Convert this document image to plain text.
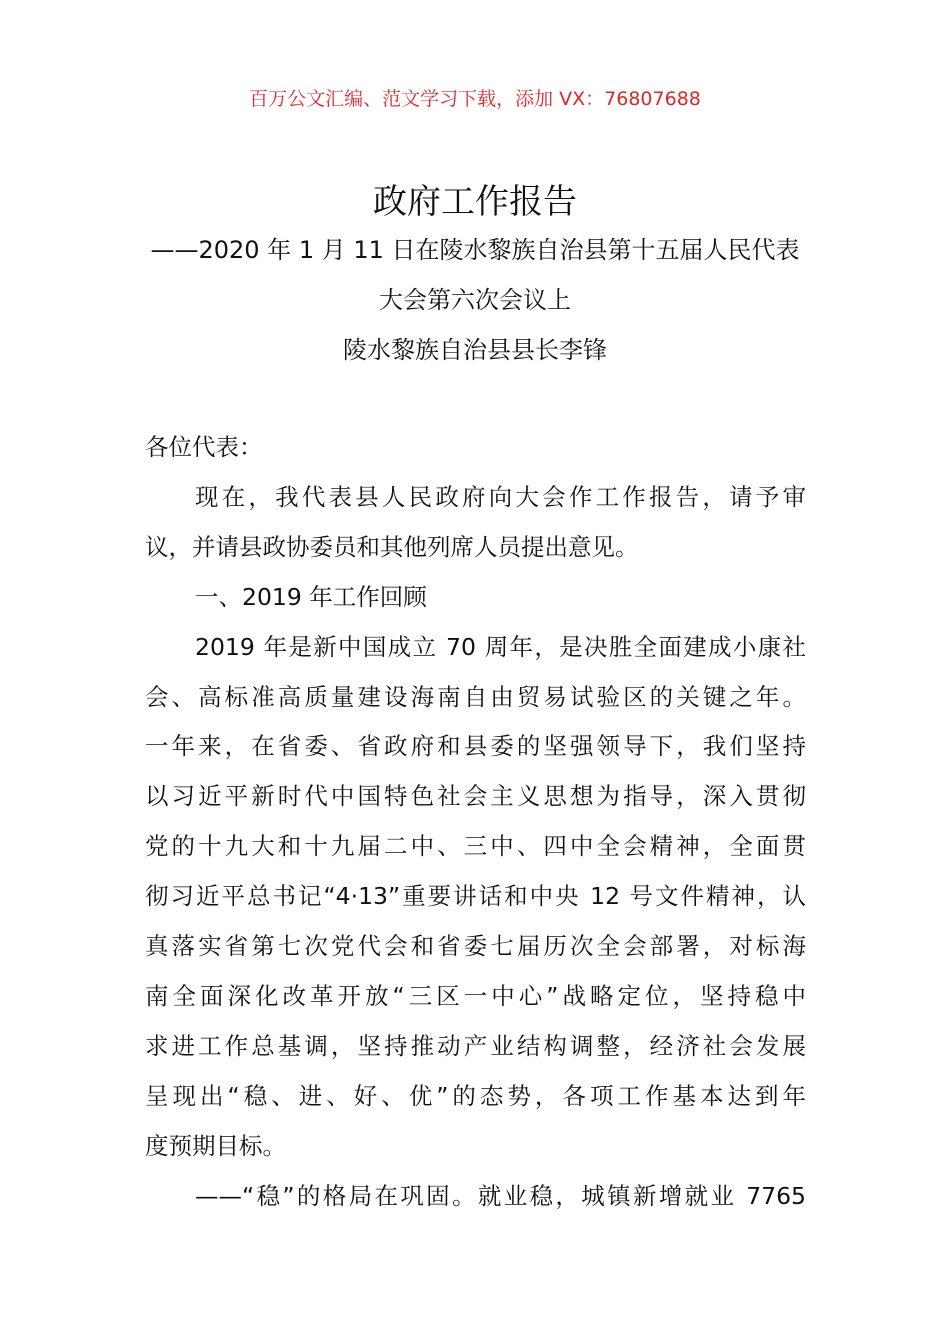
百万公文汇编、范文学习下载，添加 VX：76807688
政府工作报告
——2020 年 1 月 11 日在陵水黎族自治县第十五届人民代表
大会第六次会议上
陵水黎族自治县县长李锋
各位代表：
现在，我代表县人民政府向大会作工作报告，请予审
议，并请县政协委员和其他列席人员提出意见。
一、2019 年工作回顾
2019 年是新中国成立 70 周年，是决胜全面建成小康社
会、高标准高质量建设海南自由贸易试验区的关键之年。
一年来，在省委、省政府和县委的坚强领导下，我们坚持
以习近平新时代中国特色社会主义思想为指导，深入贯彻
党的十九大和十九届二中、三中、四中全会精神，全面贯
彻习近平总书记“4·13”重要讲话和中央 12 号文件精神，认
真落实省第七次党代会和省委七届历次全会部署，对标海
南全面深化改革开放“三区一中心”战略定位，坚持稳中
求进工作总基调，坚持推动产业结构调整，经济社会发展
呈现出“稳、进、好、优”的态势，各项工作基本达到年
度预期目标。
——“稳”的格局在巩固。就业稳，城镇新增就业 7765
